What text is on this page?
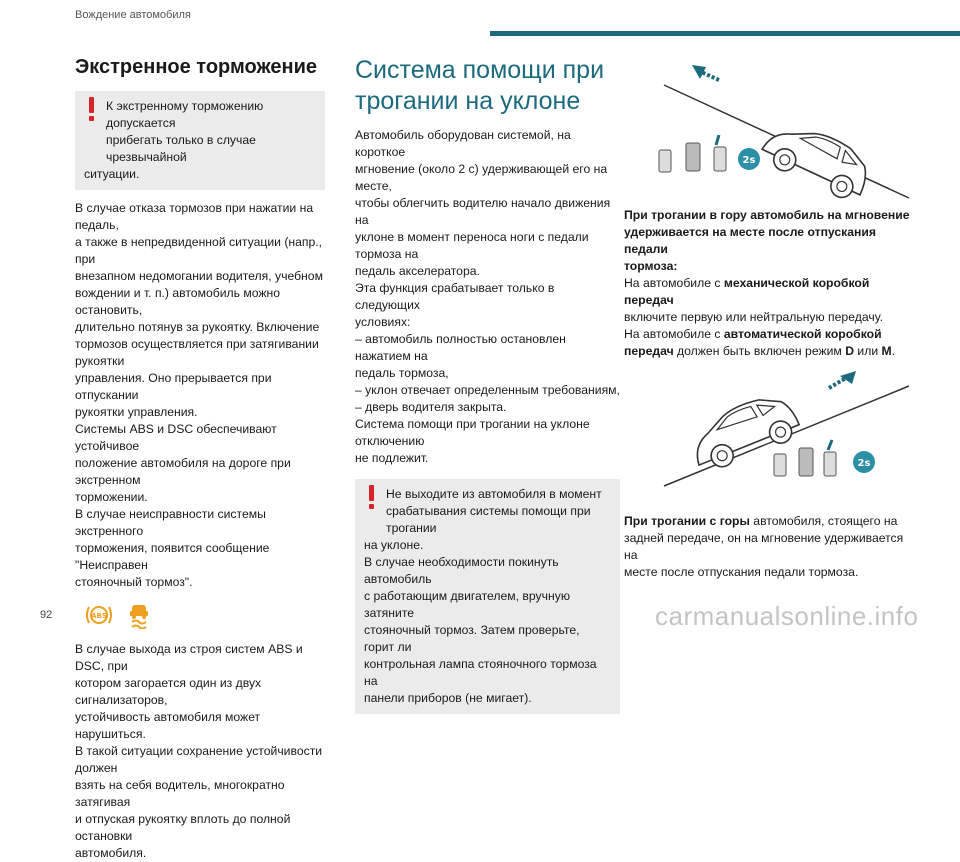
Вождение автомобиля
Экстренное торможение

К экстренному торможению допускается

прибегать только в случае чрезвычайной

ситуации.

В случае отказа тормозов при нажатии на педаль,

а также в непредвиденной ситуации (напр., при

внезапном недомогании водителя, учебном

вождении и т. п.) автомобиль можно остановить,

длительно потянув за рукоятку. Включение

тормозов осуществляется при затягивании рукоятки

управления. Оно прерывается при отпускании

рукоятки управления.

Системы ABS и DSC обеспечивают устойчивое

положение автомобиля на дороге при экстренном

торможении.

В случае неисправности системы экстренного

торможения, появится сообщение "Неисправен

стояночный тормоз".

ABS

В случае выхода из строя систем ABS и DSC, при

котором загорается один из двух сигнализаторов,

устойчивость автомобиля может нарушиться.

В такой ситуации сохранение устойчивости должен

взять на себя водитель, многократно затягивая

и отпуская рукоятку вплоть до полной остановки

автомобиля.

Система помощи при
трогании на уклоне

Автомобиль оборудован системой, на короткое

мгновение (около 2 с) удерживающей его на месте,

чтобы облегчить водителю начало движения на

уклоне в момент переноса ноги с педали тормоза на

педаль акселератора.

Эта функция срабатывает только в следующих

условиях:

– автомобиль полностью остановлен нажатием на

педаль тормоза,

– уклон отвечает определенным требованиям,

– дверь водителя закрыта.

Система помощи при трогании на уклоне отключению

не подлежит.

Не выходите из автомобиля в момент

срабатывания системы помощи при трогании

на уклоне.

В случае необходимости покинуть автомобиль

с работающим двигателем, вручную затяните

стояночный тормоз. Затем проверьте, горит ли

контрольная лампа стояночного тормоза на

панели приборов (не мигает).

2s

При трогании в гору автомобиль на мгновение

удерживается на месте после отпускания педали

тормоза:

На автомобиле с механической коробкой передач

включите первую или нейтральную передачу.

На автомобиле с автоматической коробкой

передач должен быть включен режим D или M.

2s

При трогании с горы автомобиля, стоящего на

задней передаче, он на мгновение удерживается на

месте после отпускания педали тормоза.

92	carmanualsonline.info
